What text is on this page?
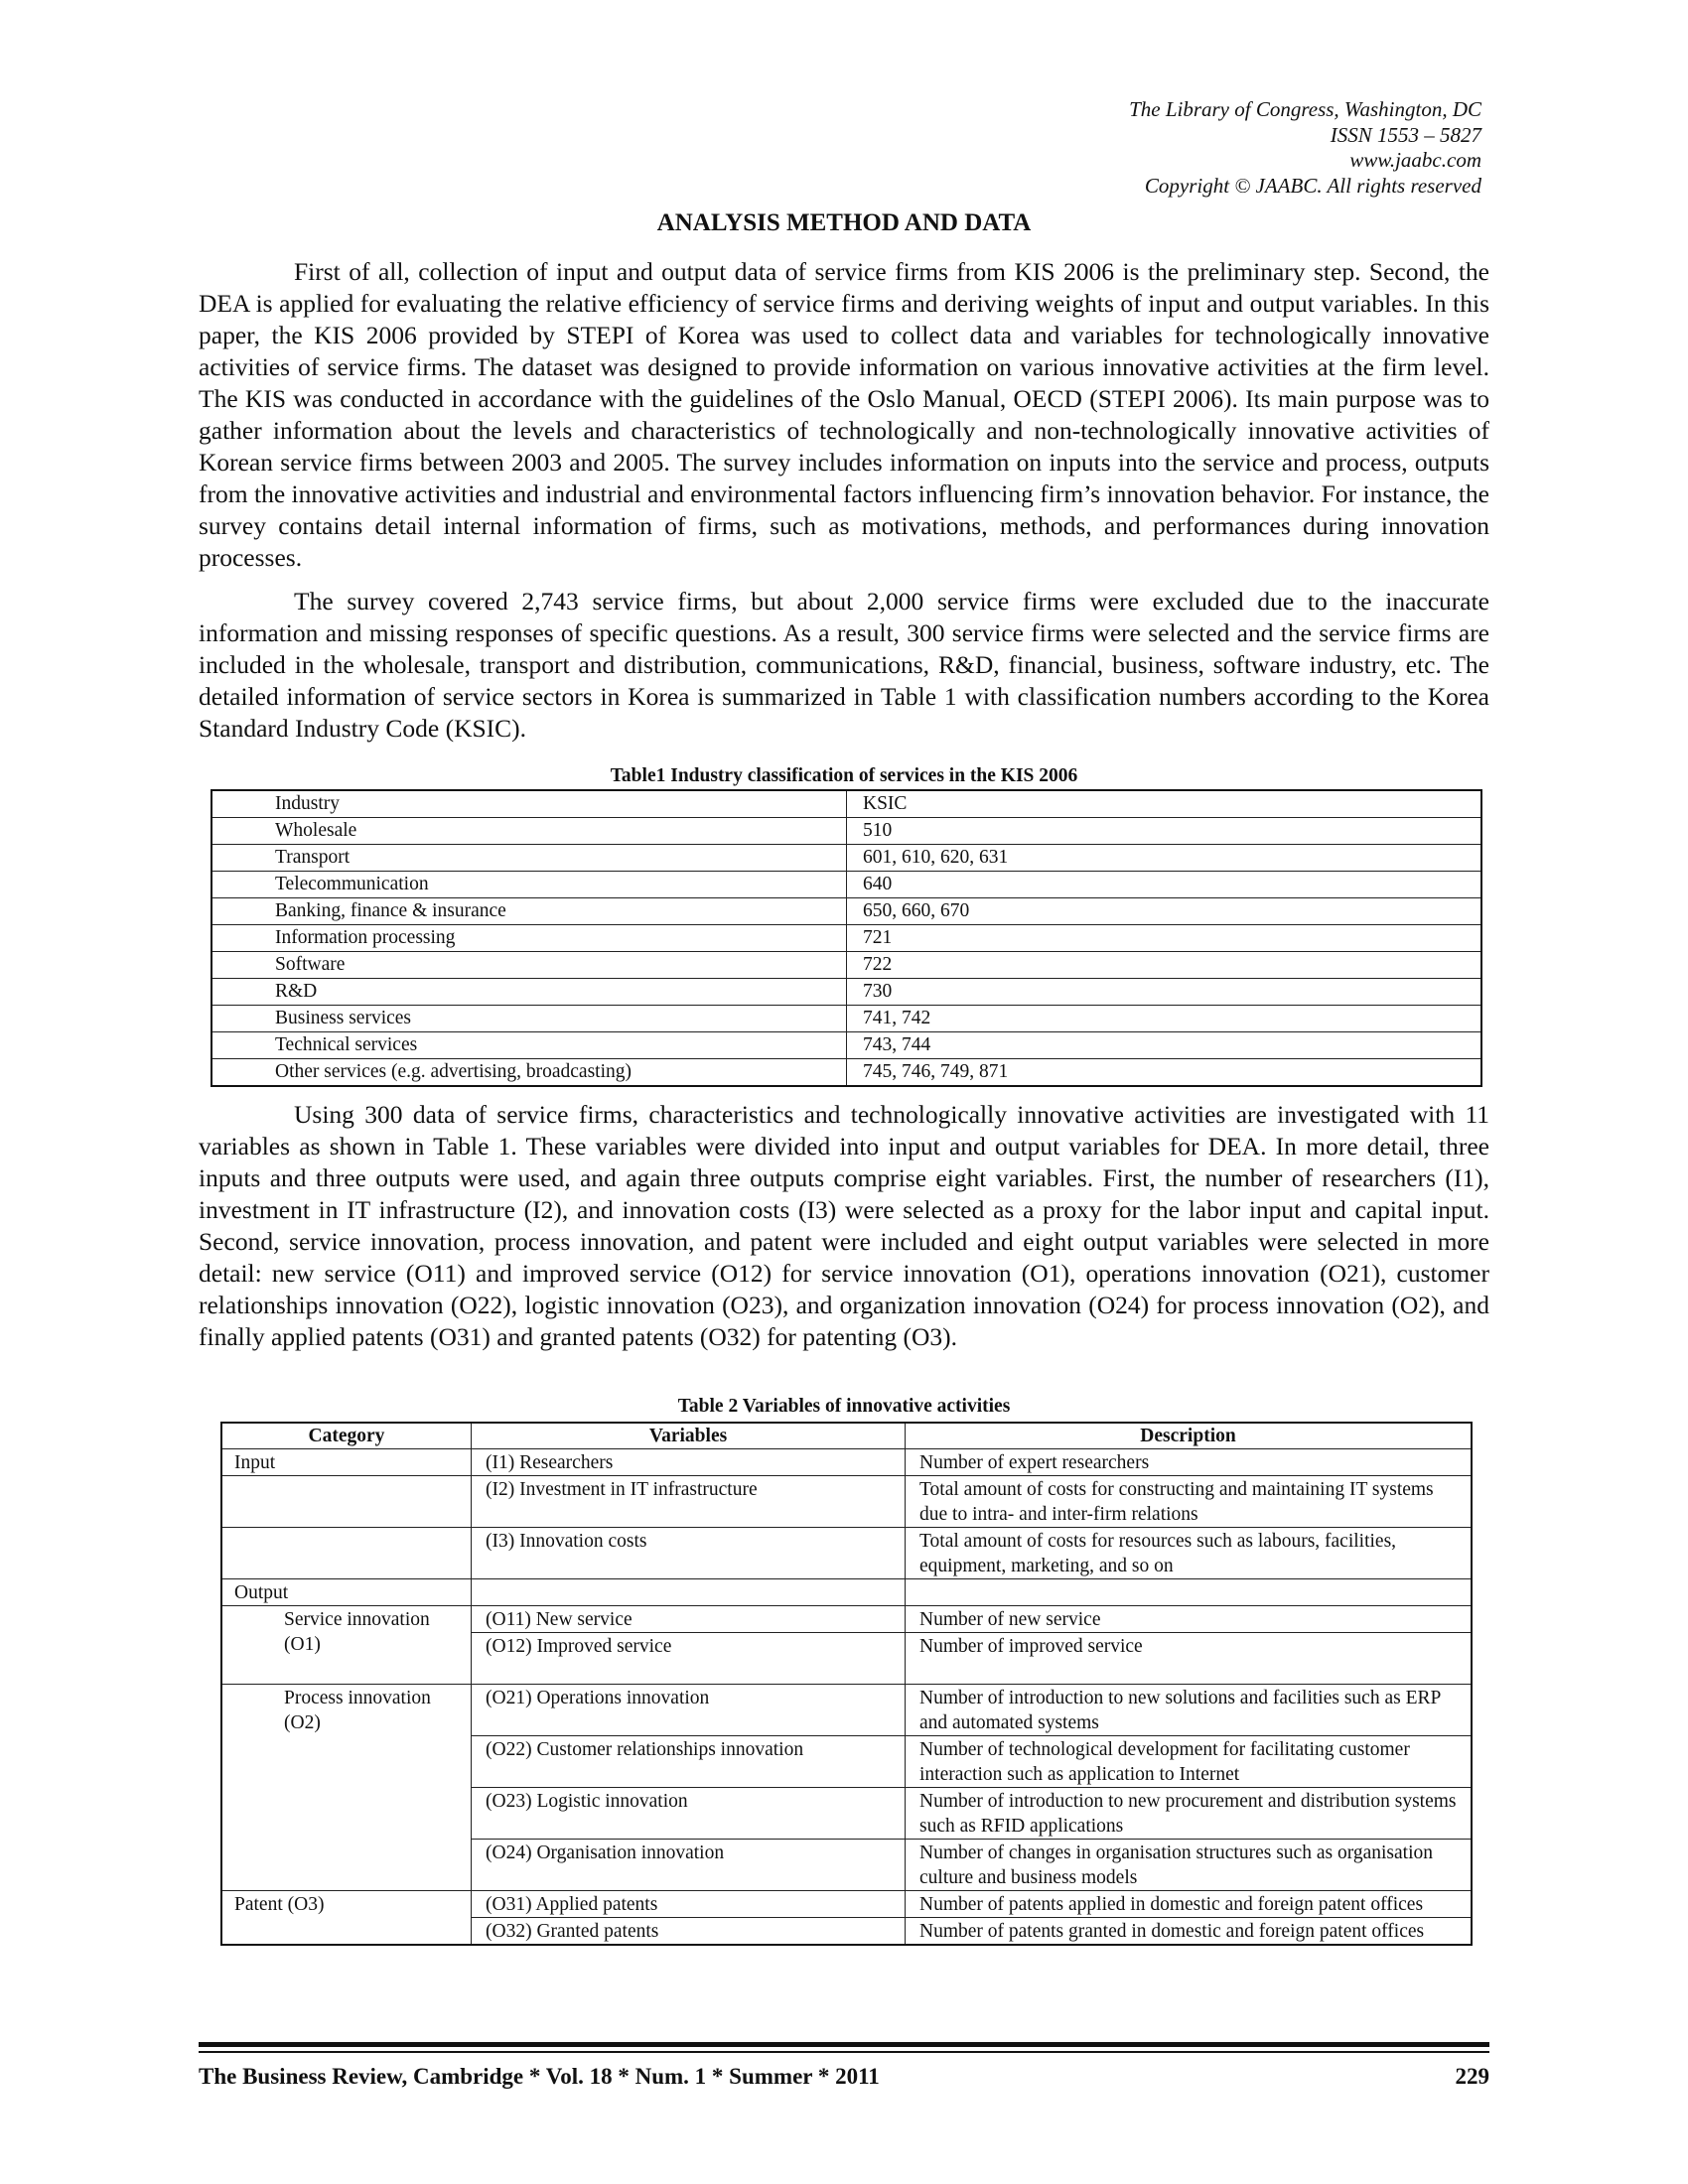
The Library of Congress, Washington, DC
ISSN 1553 – 5827
www.jaabc.com
Copyright © JAABC. All rights reserved
ANALYSIS METHOD AND DATA

First of all, collection of input and output data of service firms from KIS 2006 is the preliminary step. Second, the DEA is applied for evaluating the relative efficiency of service firms and deriving weights of input and output variables. In this paper, the KIS 2006 provided by STEPI of Korea was used to collect data and variables for technologically innovative activities of service firms. The dataset was designed to provide information on various innovative activities at the firm level. The KIS was conducted in accordance with the guidelines of the Oslo Manual, OECD (STEPI 2006). Its main purpose was to gather information about the levels and characteristics of technologically and non-technologically innovative activities of Korean service firms between 2003 and 2005. The survey includes information on inputs into the service and process, outputs from the innovative activities and industrial and environmental factors influencing firm’s innovation behavior. For instance, the survey contains detail internal information of firms, such as motivations, methods, and performances during innovation processes.

The survey covered 2,743 service firms, but about 2,000 service firms were excluded due to the inaccurate information and missing responses of specific questions. As a result, 300 service firms were selected and the service firms are included in the wholesale, transport and distribution, communications, R&D, financial, business, software industry, etc. The detailed information of service sectors in Korea is summarized in Table 1 with classification numbers according to the Korea Standard Industry Code (KSIC).

Table1 Industry classification of services in the KIS 2006
Industry	KSIC
Wholesale	510
Transport	601, 610, 620, 631
Telecommunication	640
Banking, finance & insurance	650, 660, 670
Information processing	721
Software	722
R&D	730
Business services	741, 742
Technical services	743, 744
Other services (e.g. advertising, broadcasting)	745, 746, 749, 871

Using 300 data of service firms, characteristics and technologically innovative activities are investigated with 11 variables as shown in Table 1. These variables were divided into input and output variables for DEA. In more detail, three inputs and three outputs were used, and again three outputs comprise eight variables. First, the number of researchers (I1), investment in IT infrastructure (I2), and innovation costs (I3) were selected as a proxy for the labor input and capital input. Second, service innovation, process innovation, and patent were included and eight output variables were selected in more detail: new service (O11) and improved service (O12) for service innovation (O1), operations innovation (O21), customer relationships innovation (O22), logistic innovation (O23), and organization innovation (O24) for process innovation (O2), and finally applied patents (O31) and granted patents (O32) for patenting (O3).

Table 2 Variables of innovative activities
Category	Variables	Description
Input	(I1) Researchers	Number of expert researchers
	(I2) Investment in IT infrastructure	Total amount of costs for constructing and maintaining IT systems due to intra- and inter-firm relations
	(I3) Innovation costs	Total amount of costs for resources such as labours, facilities, equipment, marketing, and so on
Output		
Service innovation (O1)	(O11) New service	Number of new service
	(O12) Improved service	Number of improved service
Process innovation (O2)	(O21) Operations innovation	Number of introduction to new solutions and facilities such as ERP and automated systems
	(O22) Customer relationships innovation	Number of technological development for facilitating customer interaction such as application to Internet
	(O23) Logistic innovation	Number of introduction to new procurement and distribution systems such as RFID applications
	(O24) Organisation innovation	Number of changes in organisation structures such as organisation culture and business models
Patent (O3)	(O31) Applied patents	Number of patents applied in domestic and foreign patent offices
	(O32) Granted patents	Number of patents granted in domestic and foreign patent offices
The Business Review, Cambridge * Vol. 18 * Num. 1 * Summer * 2011	229
